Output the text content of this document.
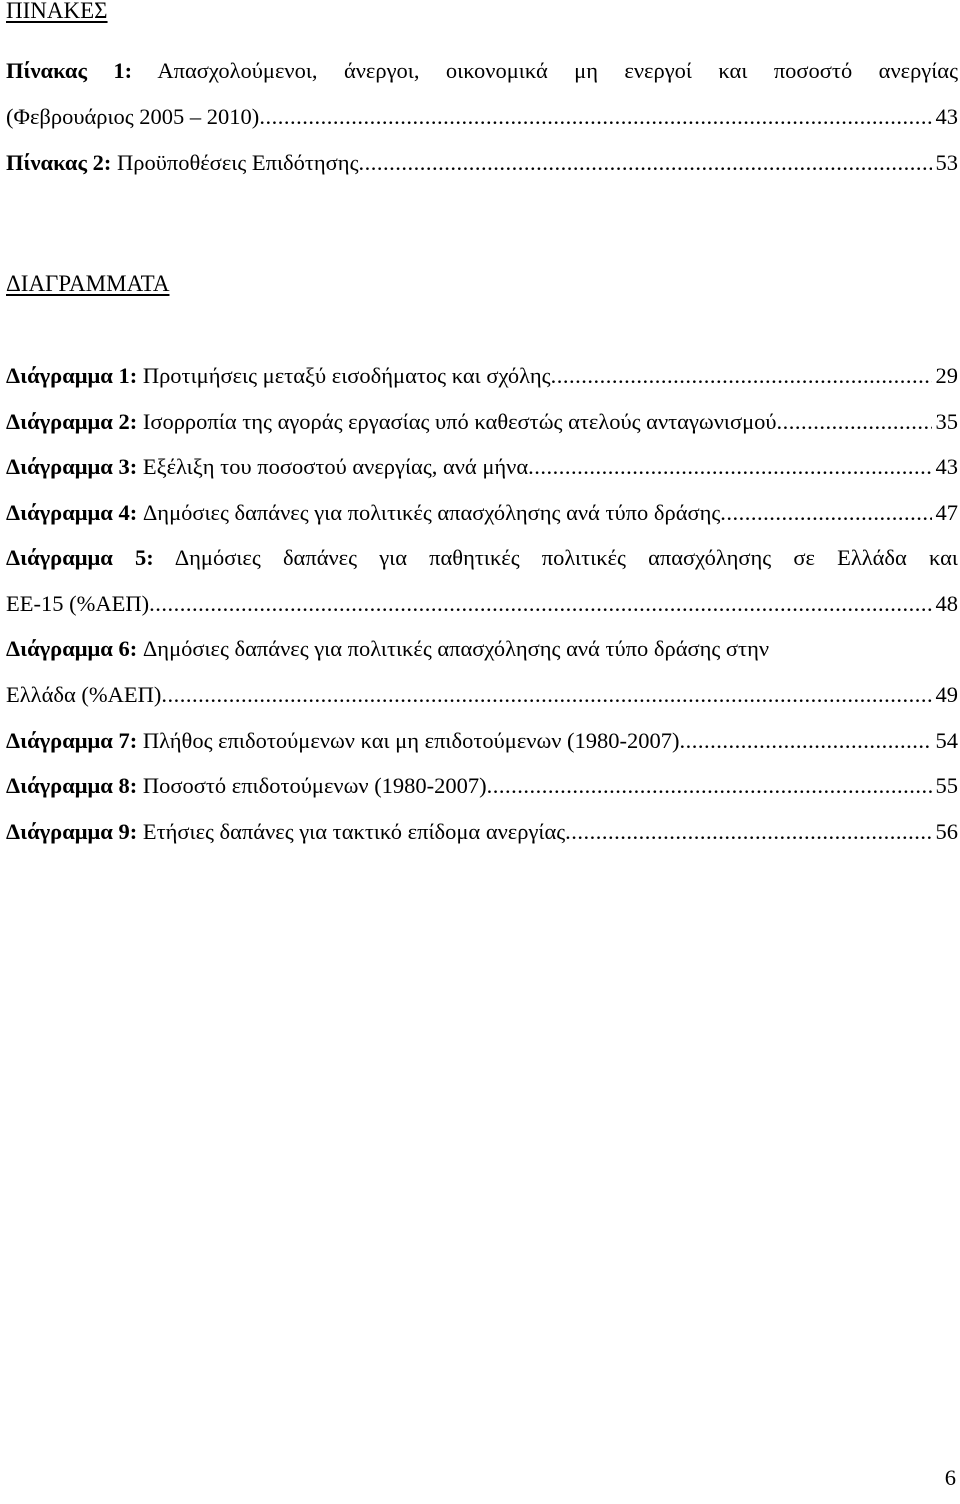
ΠΙΝΑΚΕΣ
Πίνακας 1: Απασχολούμενοι, άνεργοι, οικονομικά μη ενεργοί και ποσοστό ανεργίας
(Φεβρουάριος 2005 – 2010) .....	43
Πίνακας 2:
Προϋποθέσεις Επιδότησης .....	53
ΔΙΑΓΡΑΜΜΑΤΑ
Διάγραμμα 1:
Προτιμήσεις μεταξύ εισοδήματος και σχόλης .....	29
Διάγραμμα 2:
Ισορροπία της αγοράς εργασίας υπό καθεστώς ατελούς ανταγωνισμού .....	35
Διάγραμμα 3:
Εξέλιξη του ποσοστού ανεργίας, ανά μήνα .....	43
Διάγραμμα 4:
Δημόσιες δαπάνες για πολιτικές απασχόλησης ανά τύπο δράσης .....	47
Διάγραμμα 5: Δημόσιες δαπάνες για παθητικές πολιτικές απασχόλησης σε Ελλάδα και
ΕΕ-15 (%ΑΕΠ) .....	48
Διάγραμμα 6:
Δημόσιες δαπάνες για πολιτικές απασχόλησης ανά τύπο δράσης στην
Ελλάδα (%ΑΕΠ) .....	49
Διάγραμμα 7:
Πλήθος επιδοτούμενων και μη επιδοτούμενων (1980-2007) .....	54
Διάγραμμα 8:
Ποσοστό επιδοτούμενων (1980-2007) .....	55
Διάγραμμα 9:
Ετήσιες δαπάνες για τακτικό επίδομα ανεργίας .....	56
6
